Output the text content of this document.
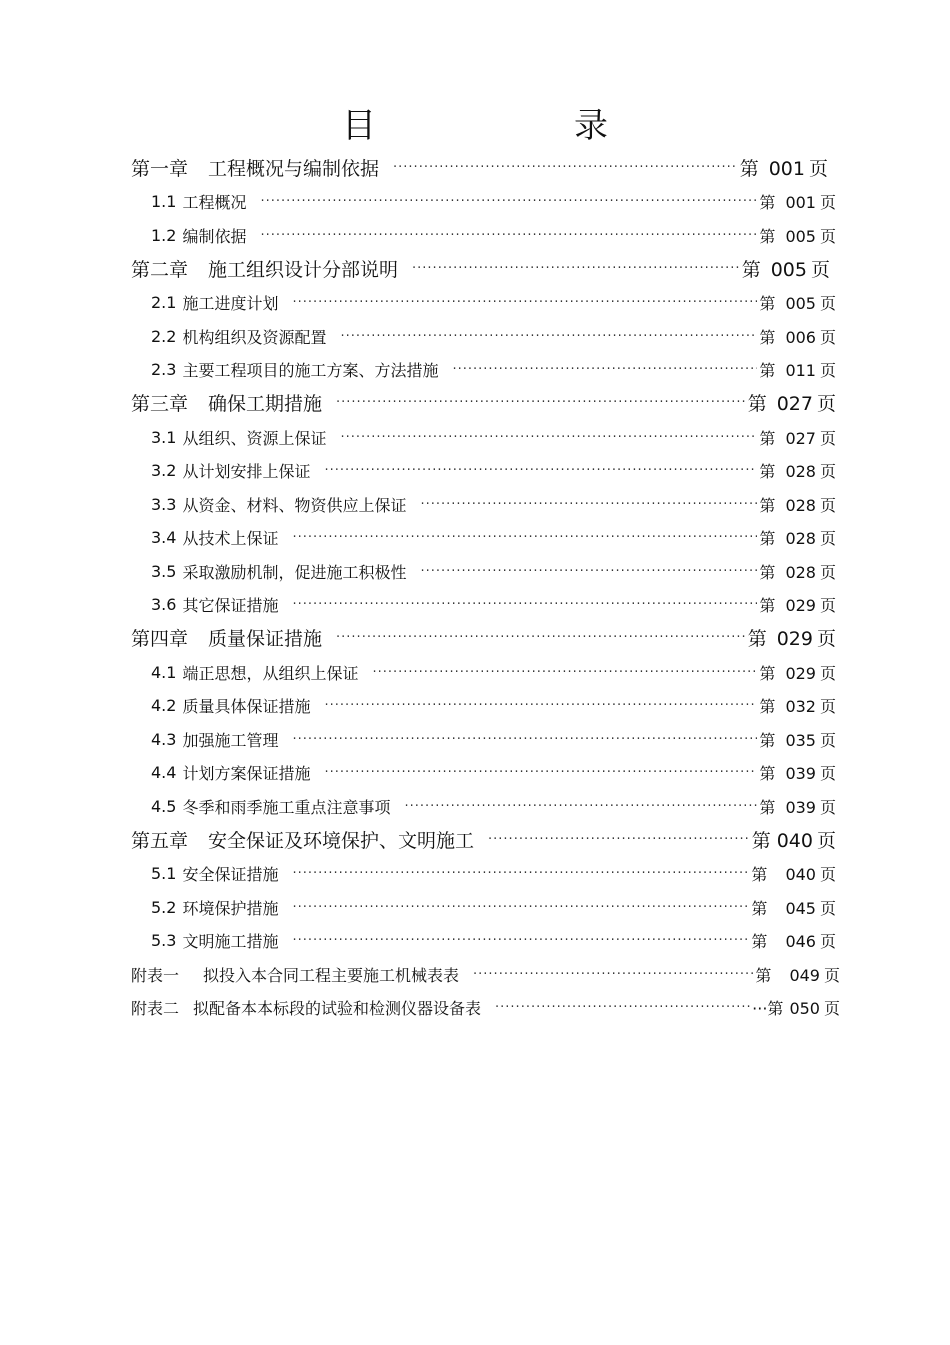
目　录
第一章 工程概况与编制依据 ·····	第 001 页
1.1 工程概况 ·····	第 001 页
1.2 编制依据 ·····	第 005 页
第二章 施工组织设计分部说明 ·····	第 005 页
2.1 施工进度计划 ·····	第 005 页
2.2 机构组织及资源配置 ·····	第 006 页
2.3 主要工程项目的施工方案、方法措施 ·····	第 011 页
第三章 确保工期措施 ·····	第 027 页
3.1 从组织、资源上保证 ·····	第 027 页
3.2 从计划安排上保证 ·····	第 028 页
3.3 从资金、材料、物资供应上保证 ·····	第 028 页
3.4 从技术上保证 ·····	第 028 页
3.5 采取激励机制，促进施工积极性 ·····	第 028 页
3.6 其它保证措施 ·····	第 029 页
第四章 质量保证措施 ·····	第 029 页
4.1 端正思想，从组织上保证 ·····	第 029 页
4.2 质量具体保证措施 ·····	第 032 页
4.3 加强施工管理 ·····	第 035 页
4.4 计划方案保证措施 ·····	第 039 页
4.5 冬季和雨季施工重点注意事项 ·····	第 039 页
第五章 安全保证及环境保护、文明施工 ·····	第 040 页
5.1 安全保证措施 ·····	第 040 页
5.2 环境保护措施 ·····	第 045 页
5.3 文明施工措施 ·····	第 046 页
附表一 拟投入本合同工程主要施工机械表表 ·····	第 049 页
附表二 拟配备本本标段的试验和检测仪器设备表 ·····	···第 050 页
